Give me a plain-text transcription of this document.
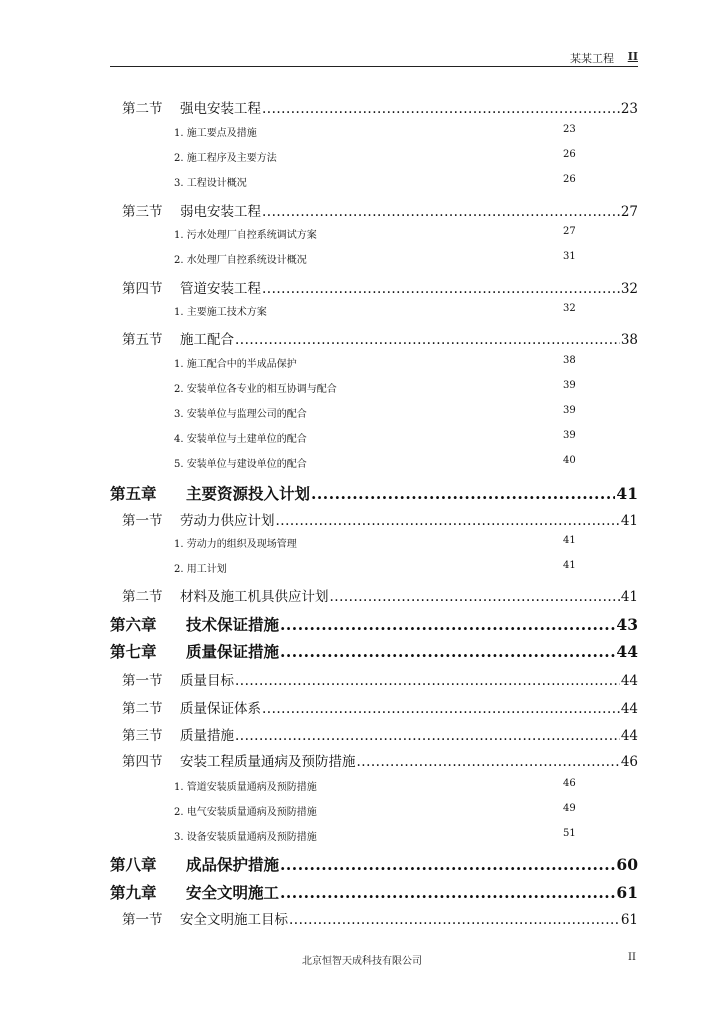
某某工程 II
第二节	强电安装工程 .....	23
1. 施工要点及措施	23
2. 施工程序及主要方法	26
3. 工程设计概况	26
第三节	弱电安装工程 .....	27
1. 污水处理厂自控系统调试方案	27
2. 水处理厂自控系统设计概况	31
第四节	管道安装工程 .....	32
1. 主要施工技术方案	32
第五节	施工配合 .....	38
1. 施工配合中的半成品保护	38
2. 安装单位各专业的相互协调与配合	39
3. 安装单位与监理公司的配合	39
4. 安装单位与土建单位的配合	39
5. 安装单位与建设单位的配合	40
第五章	主要资源投入计划 .....	41
第一节	劳动力供应计划 .....	41
1. 劳动力的组织及现场管理	41
2. 用工计划	41
第二节	材料及施工机具供应计划 .....	41
第六章	技术保证措施 .....	43
第七章	质量保证措施 .....	44
第一节	质量目标 .....	44
第二节	质量保证体系 .....	44
第三节	质量措施 .....	44
第四节	安装工程质量通病及预防措施 .....	46
1. 管道安装质量通病及预防措施	46
2. 电气安装质量通病及预防措施	49
3. 设备安装质量通病及预防措施	51
第八章	成品保护措施 .....	60
第九章	安全文明施工 .....	61
第一节	安全文明施工目标 .....	61
北京恒智天成科技有限公司	II
